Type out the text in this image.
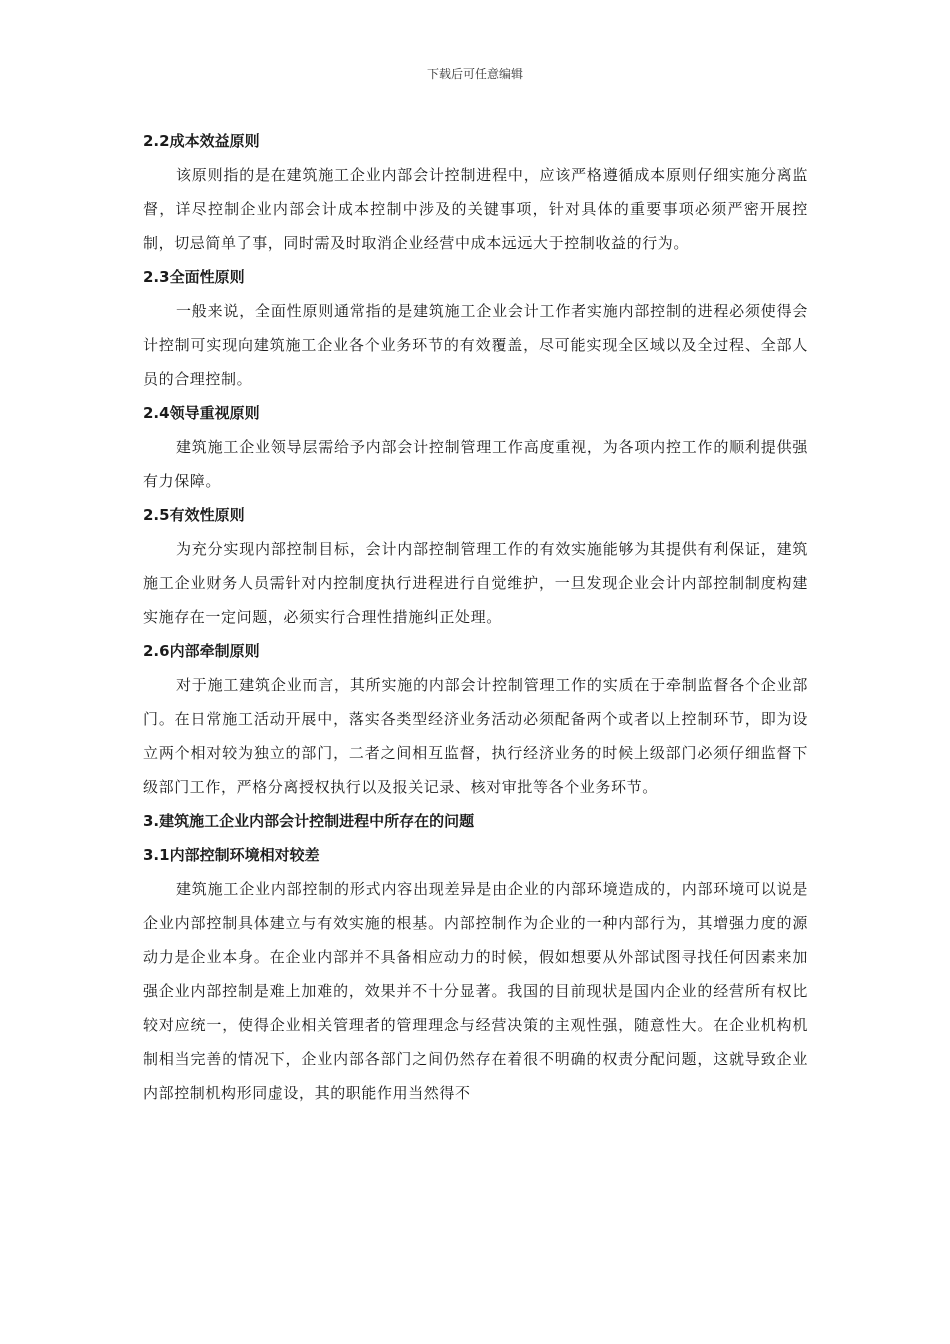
下载后可任意编辑
2.2成本效益原则

该原则指的是在建筑施工企业内部会计控制进程中，应该严格遵循成本原则仔细实施分离监督，详尽控制企业内部会计成本控制中涉及的关键事项，针对具体的重要事项必须严密开展控制，切忌简单了事，同时需及时取消企业经营中成本远远大于控制收益的行为。

2.3全面性原则

一般来说，全面性原则通常指的是建筑施工企业会计工作者实施内部控制的进程必须使得会计控制可实现向建筑施工企业各个业务环节的有效覆盖，尽可能实现全区域以及全过程、全部人员的合理控制。

2.4领导重视原则

建筑施工企业领导层需给予内部会计控制管理工作高度重视，为各项内控工作的顺利提供强有力保障。

2.5有效性原则

为充分实现内部控制目标，会计内部控制管理工作的有效实施能够为其提供有利保证，建筑施工企业财务人员需针对内控制度执行进程进行自觉维护，一旦发现企业会计内部控制制度构建实施存在一定问题，必须实行合理性措施纠正处理。

2.6内部牵制原则

对于施工建筑企业而言，其所实施的内部会计控制管理工作的实质在于牵制监督各个企业部门。在日常施工活动开展中，落实各类型经济业务活动必须配备两个或者以上控制环节，即为设立两个相对较为独立的部门，二者之间相互监督，执行经济业务的时候上级部门必须仔细监督下级部门工作，严格分离授权执行以及报关记录、核对审批等各个业务环节。

3.建筑施工企业内部会计控制进程中所存在的问题
3.1内部控制环境相对较差

建筑施工企业内部控制的形式内容出现差异是由企业的内部环境造成的，内部环境可以说是企业内部控制具体建立与有效实施的根基。内部控制作为企业的一种内部行为，其增强力度的源动力是企业本身。在企业内部并不具备相应动力的时候，假如想要从外部试图寻找任何因素来加强企业内部控制是难上加难的，效果并不十分显著。我国的目前现状是国内企业的经营所有权比较对应统一，使得企业相关管理者的管理理念与经营决策的主观性强，随意性大。在企业机构机制相当完善的情况下，企业内部各部门之间仍然存在着很不明确的权责分配问题，这就导致企业内部控制机构形同虚设，其的职能作用当然得不
